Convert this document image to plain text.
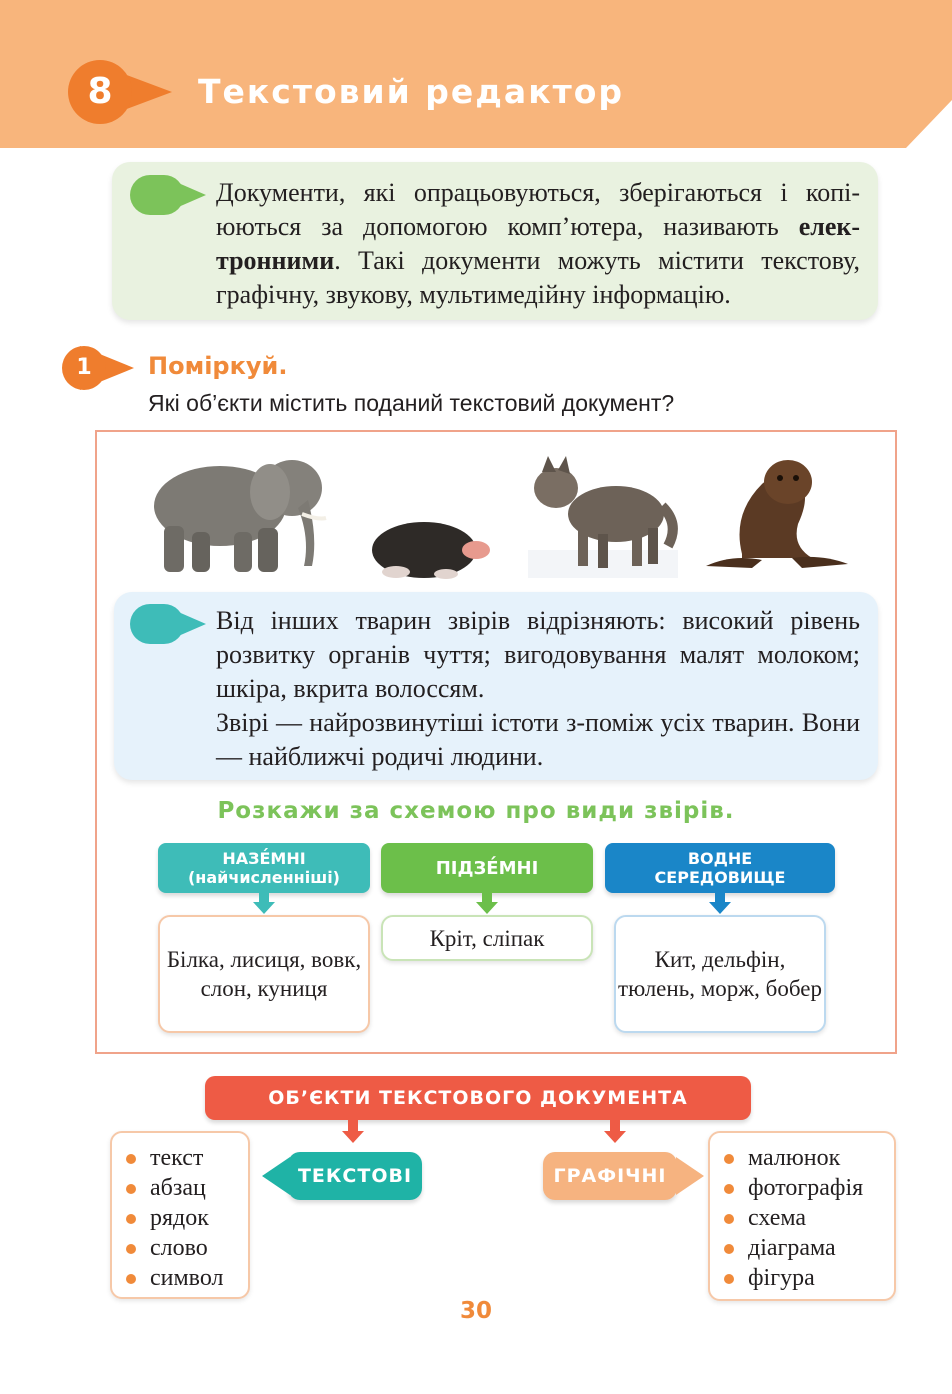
8	Текстовий редактор
Документи, які опрацьовуються, зберігаються і копі-юються за допомогою комп’ютера, називають елек-тронними. Такі документи можуть містити текстову, графічну, звукову, мультимедійну інформацію.
1	Поміркуй.
Які об’єкти містить поданий текстовий документ?
Від інших тварин звірів відрізняють: високий рівень розвитку органів чуття; вигодовування малят молоком; шкіра, вкрита волоссям.
Звірі — найрозвинутіші істоти з-поміж усіх тварин. Вони — найближчі родичі людини.
Розкажи за схемою про види звірів.
НАЗЕ́МНІ
(найчисленніші)
Білка, лисиця, вовк, слон, куниця
ПІДЗЕ́МНІ
Кріт, сліпак
ВОДНЕ
СЕРЕДОВИЩЕ
Кит, дельфін, тюлень, морж, бобер
ОБ’ЄКТИ ТЕКСТОВОГО ДОКУМЕНТА
ТЕКСТОВІ	ГРАФІЧНІ
текст
абзац
рядок
слово
символ
малюнок
фотографія
схема
діаграма
фігура
30
